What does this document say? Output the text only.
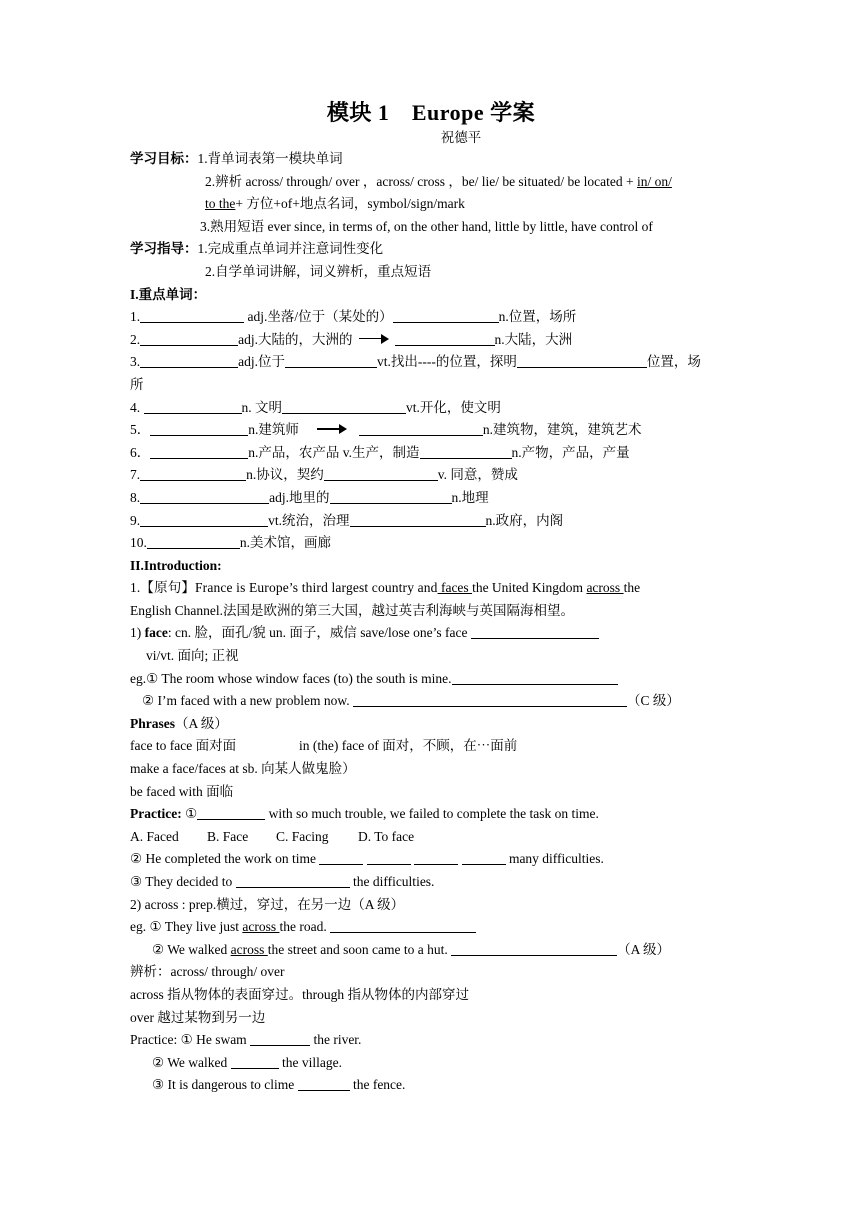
模块 1　Europe 学案
祝德平
学习目标：1.背单词表第一模块单词
2.辨析 across/ through/ over ，across/ cross ，be/ lie/ be situated/ be located + in/ on/
to the+ 方位+of+地点名词，symbol/sign/mark
3.熟用短语 ever since, in terms of, on the other hand, little by little, have control of
学习指导：1.完成重点单词并注意词性变化
2.自学单词讲解，词义辨析，重点短语
I.重点单词：
1.	adj.坐落/位于（某处的）	n.位置，场所
2.	adj.大陆的，大洲的	n.大陆，大洲
3.	adj.位于	vt.找出----的位置，探明	位置，场
所
4.	n. 文明	vt.开化，使文明
5．	n.建筑师	n.建筑物，建筑，建筑艺术
6．	n.产品，农产品 v.生产，制造	n.产物，产品，产量
7.	n.协议，契约	v. 同意，赞成
8.	adj.地里的	n.地理
9.	vt.统治，治理	n.政府，内阁
10.	n.美术馆，画廊
II.Introduction:
1.【原句】France is Europe’s third largest country and faces the United Kingdom across the
English Channel.法国是欧洲的第三大国，越过英吉利海峡与英国隔海相望。
1) face: cn. 脸，面孔/貌 un. 面子，威信 save/lose one’s face
vi/vt. 面向; 正视
eg.① The room whose window faces (to) the south is mine.
② I’m faced with a new problem now.	（C 级）
Phrases（A 级）
face to face 面对面	in (the) face of 面对，不顾，在⋯面前
make a face/faces at sb. 向某人做鬼脸）
be faced with 面临
Practice: ①	with so much trouble, we failed to complete the task on time.
A. Faced B. Face C. Facing D. To face
② He completed the work on time	many difficulties.
③ They decided to	the difficulties.
2) across : prep.横过，穿过，在另一边（A 级）
eg. ① They live just across the road.
② We walked across the street and soon came to a hut.	（A 级）
辨析：across/ through/ over
across 指从物体的表面穿过。through 指从物体的内部穿过
over 越过某物到另一边
Practice: ① He swam	the river.
② We walked	the village.
③ It is dangerous to clime	the fence.
